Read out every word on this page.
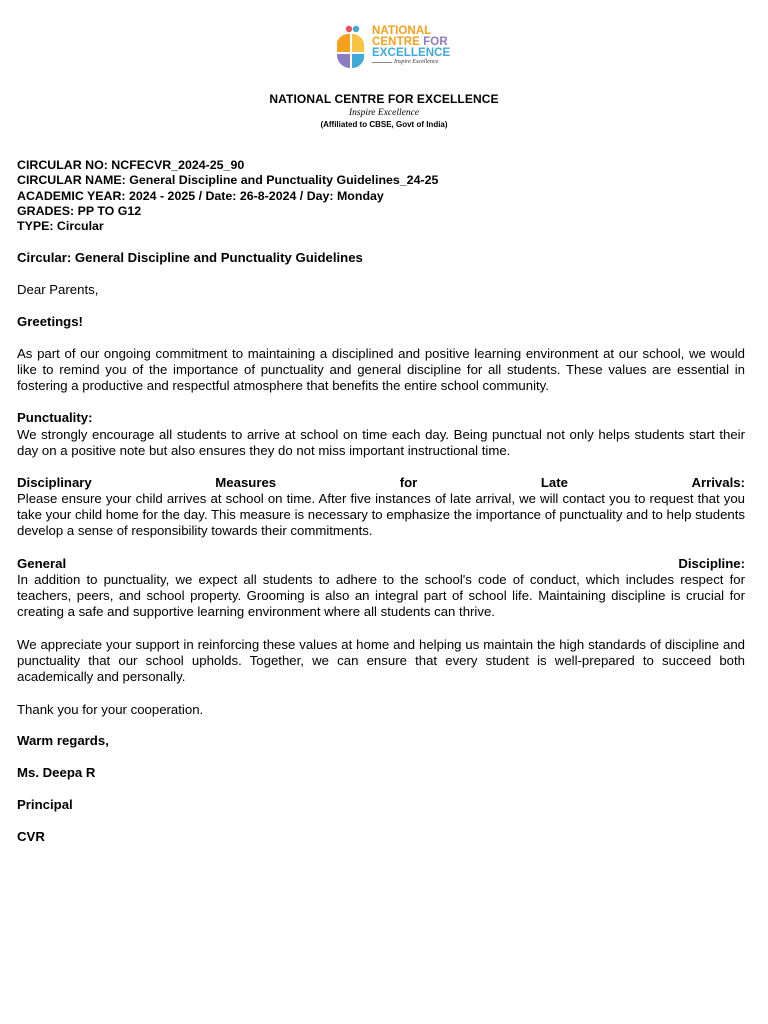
NATIONAL
CENTRE FOR
EXCELLENCE
Inspire Excellence
NATIONAL CENTRE FOR EXCELLENCE
Inspire Excellence
(Affiliated to CBSE, Govt of India)
CIRCULAR NO: NCFECVR_2024-25_90
CIRCULAR NAME: General Discipline and Punctuality Guidelines_24-25
ACADEMIC YEAR: 2024 - 2025 / Date: 26-8-2024 / Day: Monday
GRADES: PP TO G12
TYPE: Circular
Circular: General Discipline and Punctuality Guidelines
Dear Parents,
Greetings!
As part of our ongoing commitment to maintaining a disciplined and positive learning environment at our school, we would like to remind you of the importance of punctuality and general discipline for all students. These values are essential in fostering a productive and respectful atmosphere that benefits the entire school community.
Punctuality:
We strongly encourage all students to arrive at school on time each day. Being punctual not only helps students start their day on a positive note but also ensures they do not miss important instructional time.
Disciplinary	Measures	for	Late	Arrivals:
Please ensure your child arrives at school on time. After five instances of late arrival, we will contact you to request that you take your child home for the day. This measure is necessary to emphasize the importance of punctuality and to help students develop a sense of responsibility towards their commitments.
General	Discipline:
In addition to punctuality, we expect all students to adhere to the school's code of conduct, which includes respect for teachers, peers, and school property. Grooming is also an integral part of school life. Maintaining discipline is crucial for creating a safe and supportive learning environment where all students can thrive.
We appreciate your support in reinforcing these values at home and helping us maintain the high standards of discipline and punctuality that our school upholds. Together, we can ensure that every student is well-prepared to succeed both academically and personally.
Thank you for your cooperation.
Warm regards,
Ms. Deepa R
Principal
CVR
